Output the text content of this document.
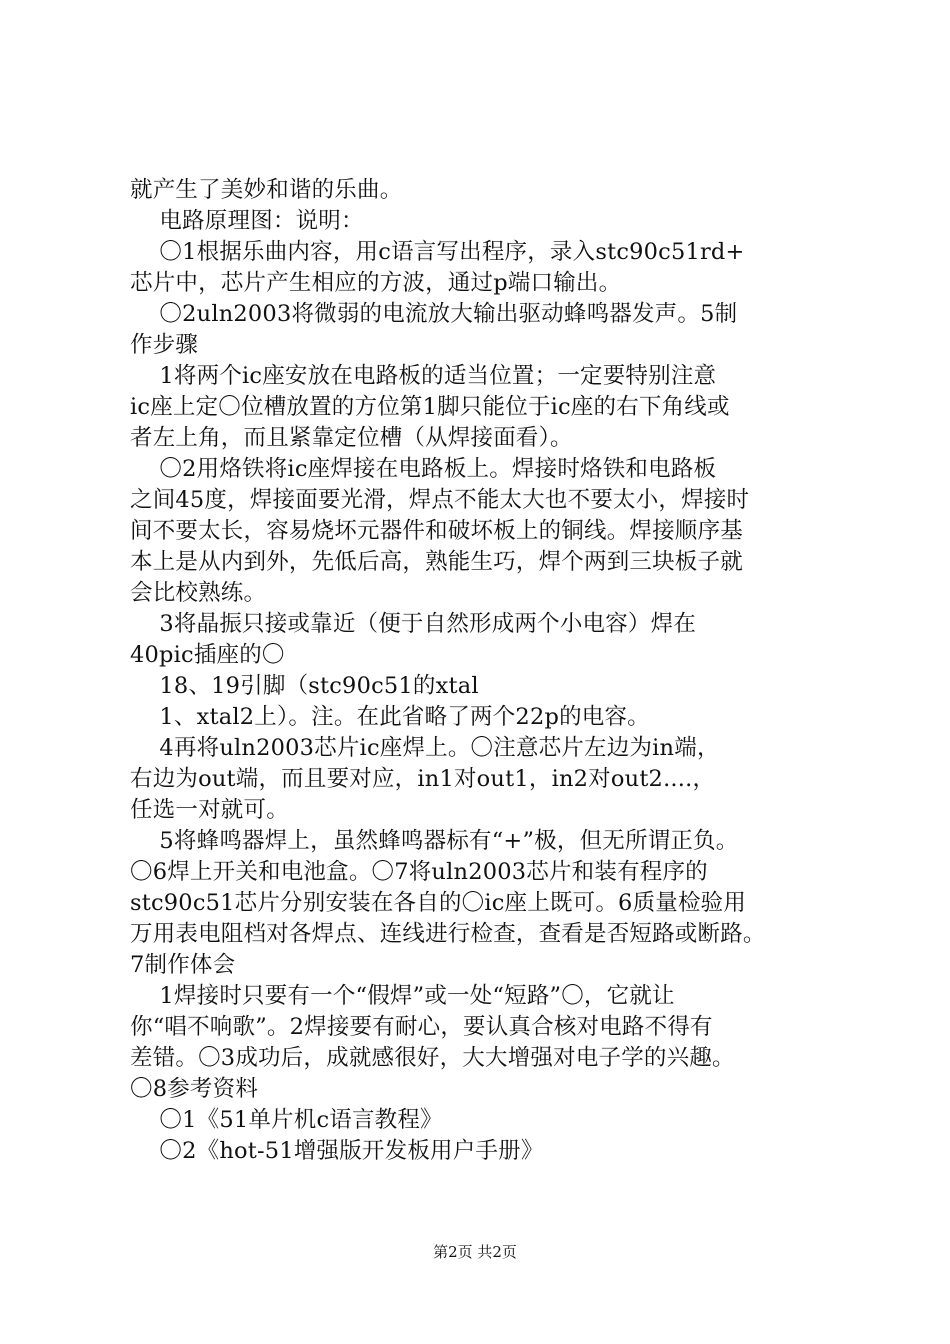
就产生了美妙和谐的乐曲。
电路原理图：说明：
〇1根据乐曲内容，用c语言写出程序，录入stc90c51rd+
芯片中，芯片产生相应的方波，通过p端口输出。
〇2uln2003将微弱的电流放大输出驱动蜂鸣器发声。5制
作步骤
1将两个ic座安放在电路板的适当位置；一定要特别注意
ic座上定〇位槽放置的方位第1脚只能位于ic座的右下角线或
者左上角，而且紧靠定位槽（从焊接面看）。
〇2用烙铁将ic座焊接在电路板上。焊接时烙铁和电路板
之间45度，焊接面要光滑，焊点不能太大也不要太小，焊接时
间不要太长，容易烧坏元器件和破坏板上的铜线。焊接顺序基
本上是从内到外，先低后高，熟能生巧，焊个两到三块板子就
会比校熟练。
3将晶振只接或靠近（便于自然形成两个小电容）焊在
40pic插座的〇
18、19引脚（stc90c51的xtal
1、xtal2上）。注。在此省略了两个22p的电容。
4再将uln2003芯片ic座焊上。〇注意芯片左边为in端，
右边为out端，而且要对应，in1对out1，in2对out2....，
任选一对就可。
5将蜂鸣器焊上，虽然蜂鸣器标有“+”极，但无所谓正负。
〇6焊上开关和电池盒。〇7将uln2003芯片和装有程序的
stc90c51芯片分别安装在各自的〇ic座上既可。6质量检验用
万用表电阻档对各焊点、连线进行检查，查看是否短路或断路。
7制作体会
1焊接时只要有一个“假焊”或一处“短路”〇，它就让
你“唱不响歌”。2焊接要有耐心，要认真合核对电路不得有
差错。〇3成功后，成就感很好，大大增强对电子学的兴趣。
〇8参考资料
〇1《51单片机c语言教程》
〇2《hot-51增强版开发板用户手册》
第2页 共2页
